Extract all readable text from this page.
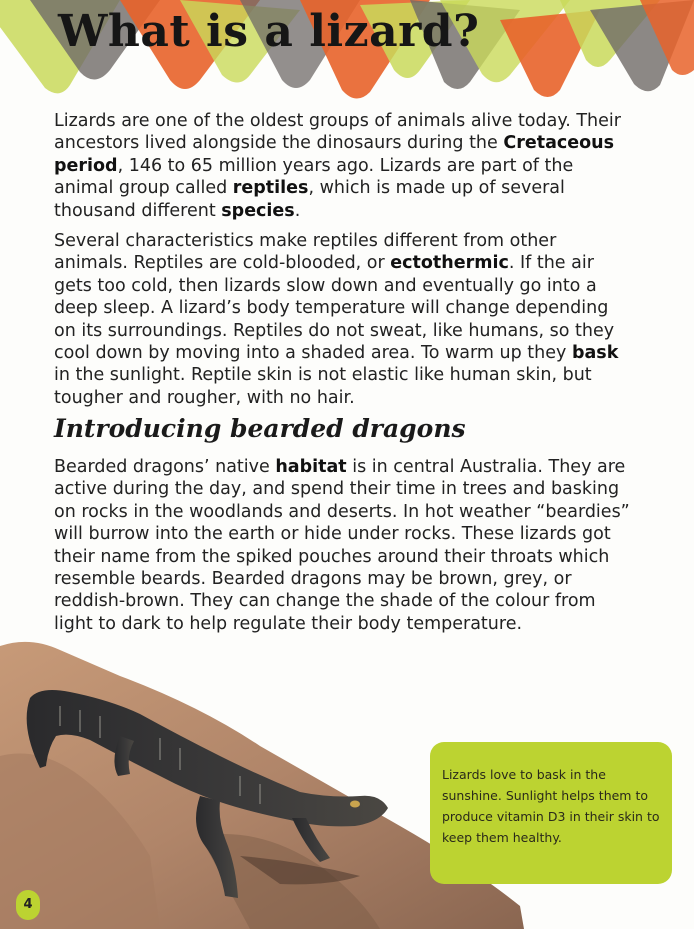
What is a lizard?

Lizards are one of the oldest groups of animals alive today. Their ancestors lived alongside the dinosaurs during the Cretaceous period, 146 to 65 million years ago. Lizards are part of the animal group called reptiles, which is made up of several thousand different species.

Several characteristics make reptiles different from other animals. Reptiles are cold-blooded, or ectothermic. If the air gets too cold, then lizards slow down and eventually go into a deep sleep. A lizard’s body temperature will change depending on its surroundings. Reptiles do not sweat, like humans, so they cool down by moving into a shaded area. To warm up they bask in the sunlight. Reptile skin is not elastic like human skin, but tougher and rougher, with no hair.

Introducing bearded dragons

Bearded dragons’ native habitat is in central Australia. They are active during the day, and spend their time in trees and basking on rocks in the woodlands and deserts. In hot weather “beardies” will burrow into the earth or hide under rocks. These lizards got their name from the spiked pouches around their throats which resemble beards. Bearded dragons may be brown, grey, or reddish-brown. They can change the shade of the colour from light to dark to help regulate their body temperature.

Lizards love to bask in the sunshine. Sunlight helps them to produce vitamin D3 in their skin to keep them healthy.

4
